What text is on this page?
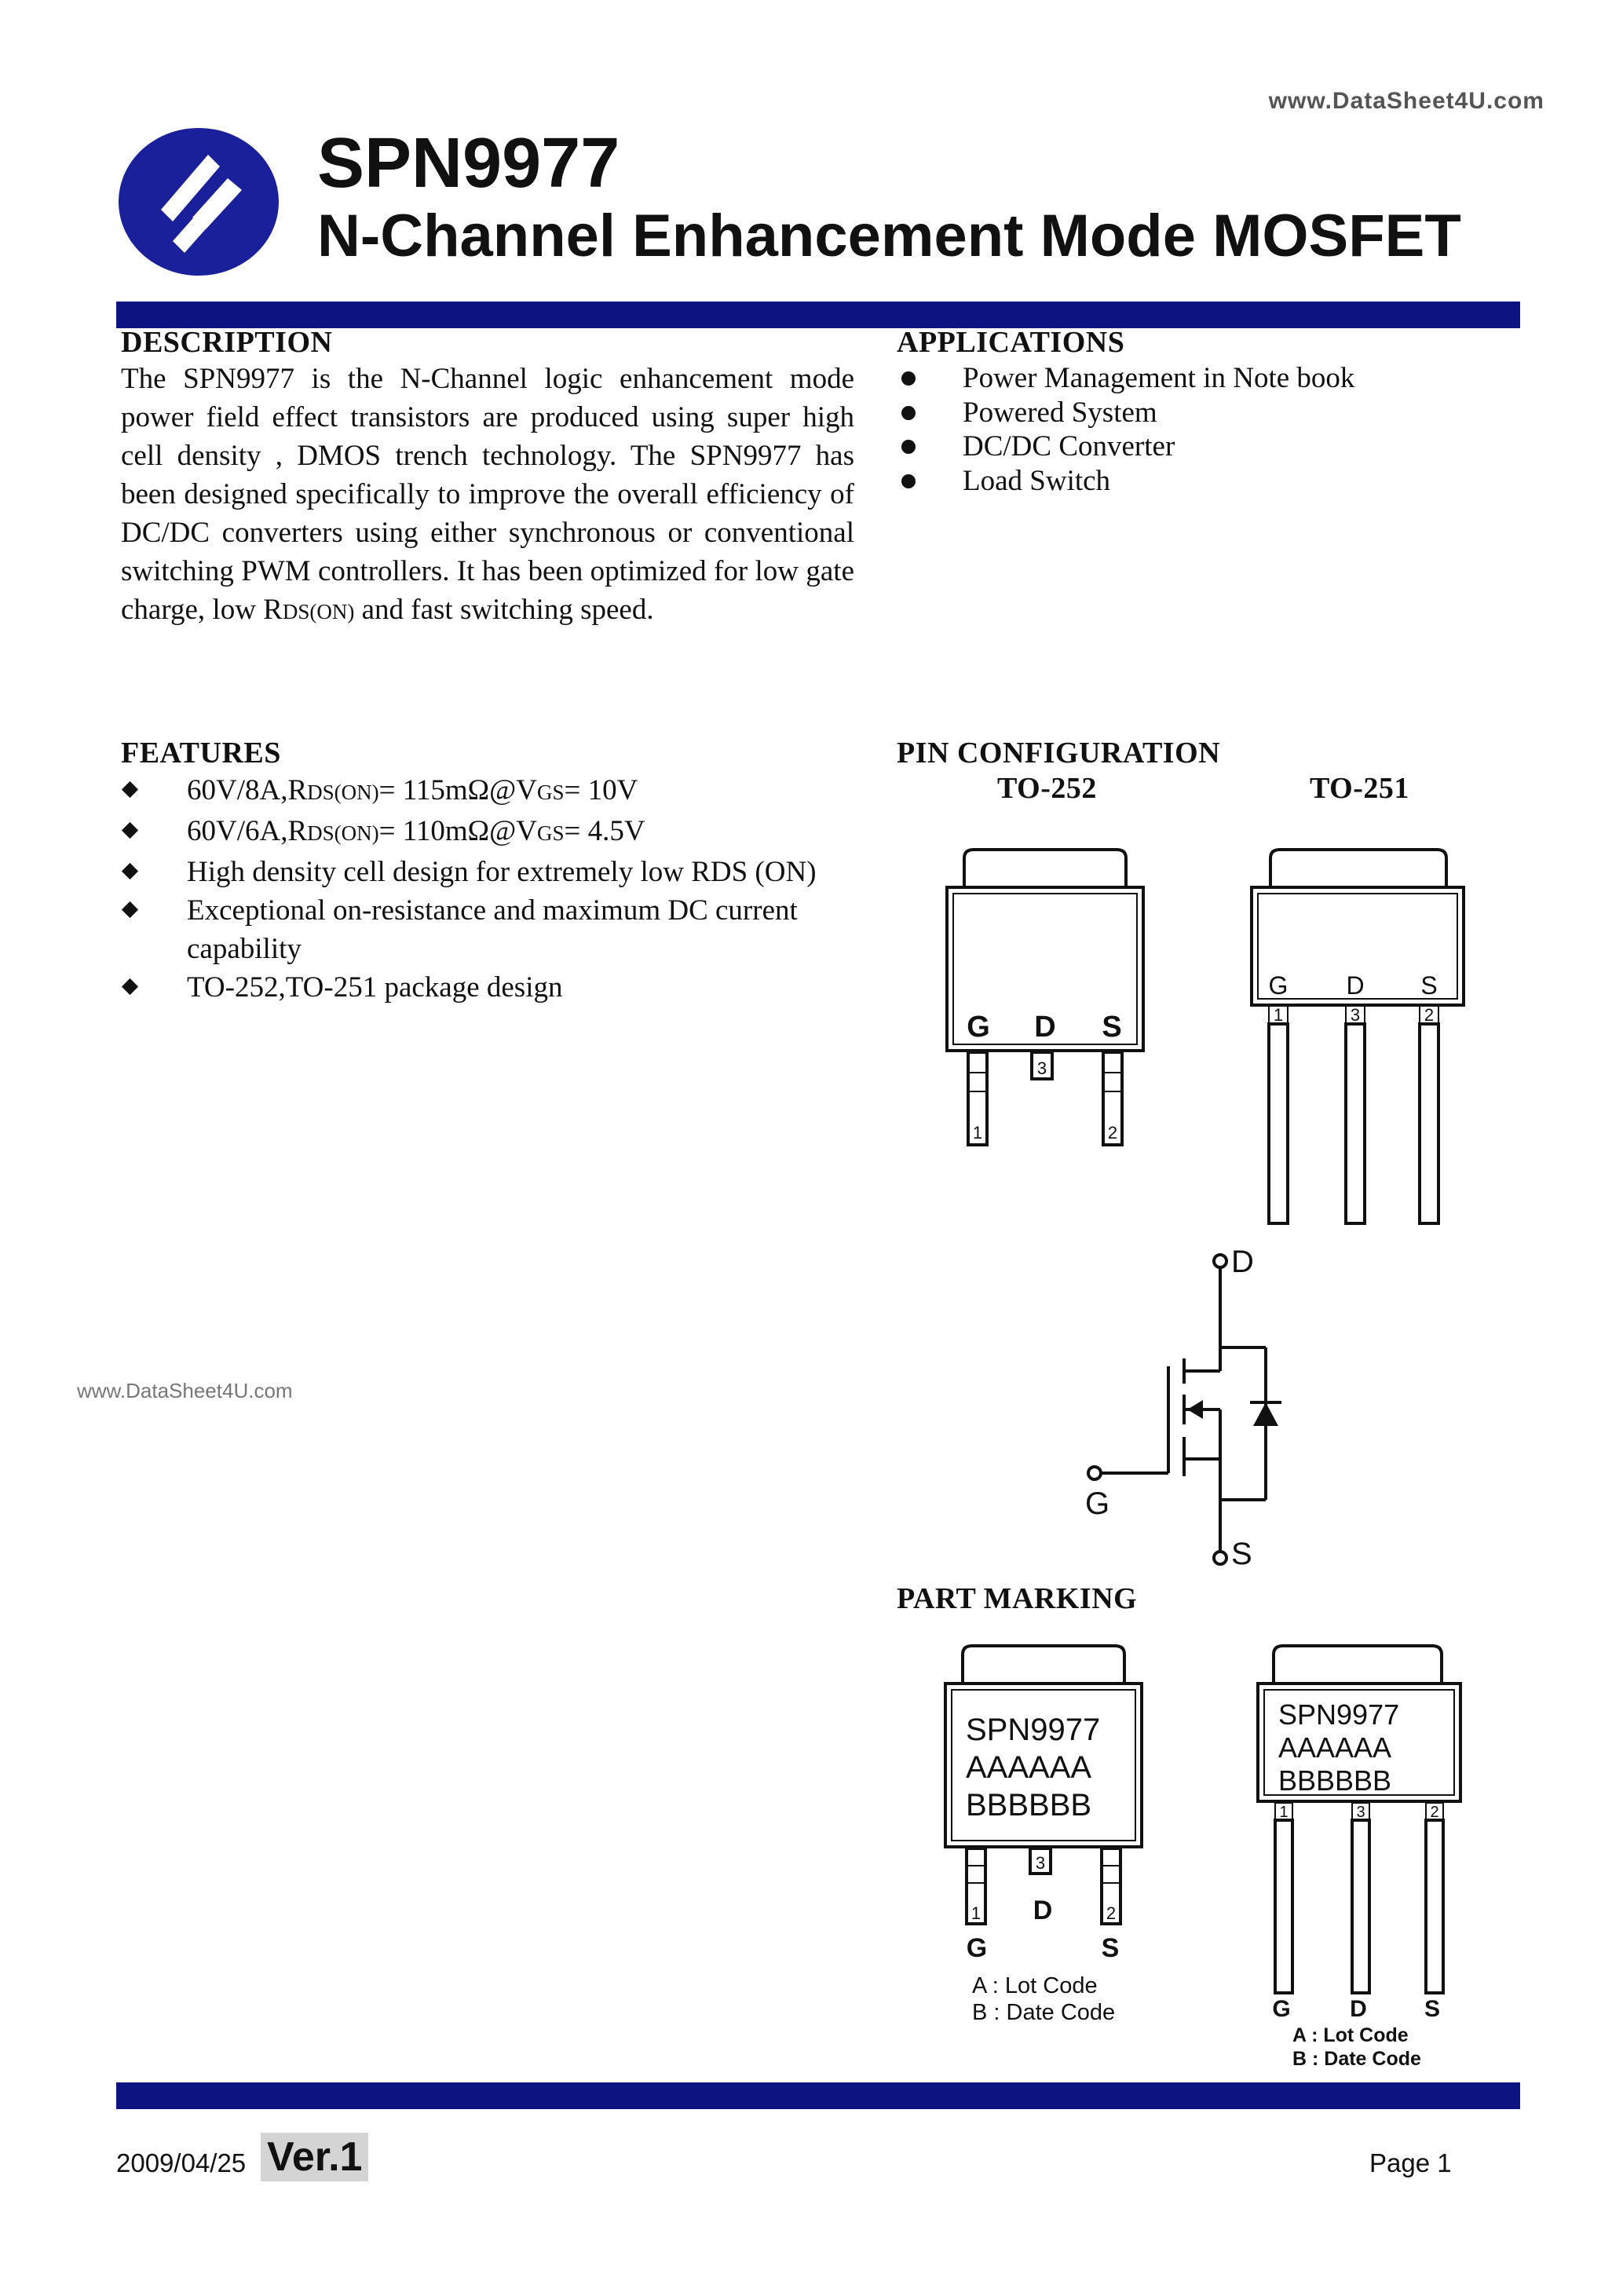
www.DataSheet4U.com
SPN9977
N-Channel Enhancement Mode MOSFET
DESCRIPTION
The SPN9977 is the N-Channel logic enhancement mode power field effect transistors are produced using super high cell density , DMOS trench technology. The SPN9977 has been designed specifically to improve the overall efficiency of DC/DC converters using either synchronous or conventional switching PWM controllers. It has been optimized for low gate charge, low RDS(ON) and fast switching speed.
APPLICATIONS
Power Management in Note book
Powered System
DC/DC Converter
Load Switch
FEATURES
60V/8A,RDS(ON)= 115mΩ@VGS= 10V
60V/6A,RDS(ON)= 110mΩ@VGS= 4.5V
High density cell design for extremely low RDS (ON)
Exceptional on-resistance and maximum DC current capability
TO-252,TO-251 package design
PIN CONFIGURATION
TO-252	TO-251
G D S
3
1	2
G D S
1	3	2
D
G
S
www.DataSheet4U.com
PART MARKING
SPN9977
AAAAAA
BBBBBB
3
1	2
D
G	S
A : Lot Code
B : Date Code
SPN9977
AAAAAA
BBBBBB
1	3	2
G	D S
A : Lot Code
B : Date Code
2009/04/25 Ver.1	Page 1
